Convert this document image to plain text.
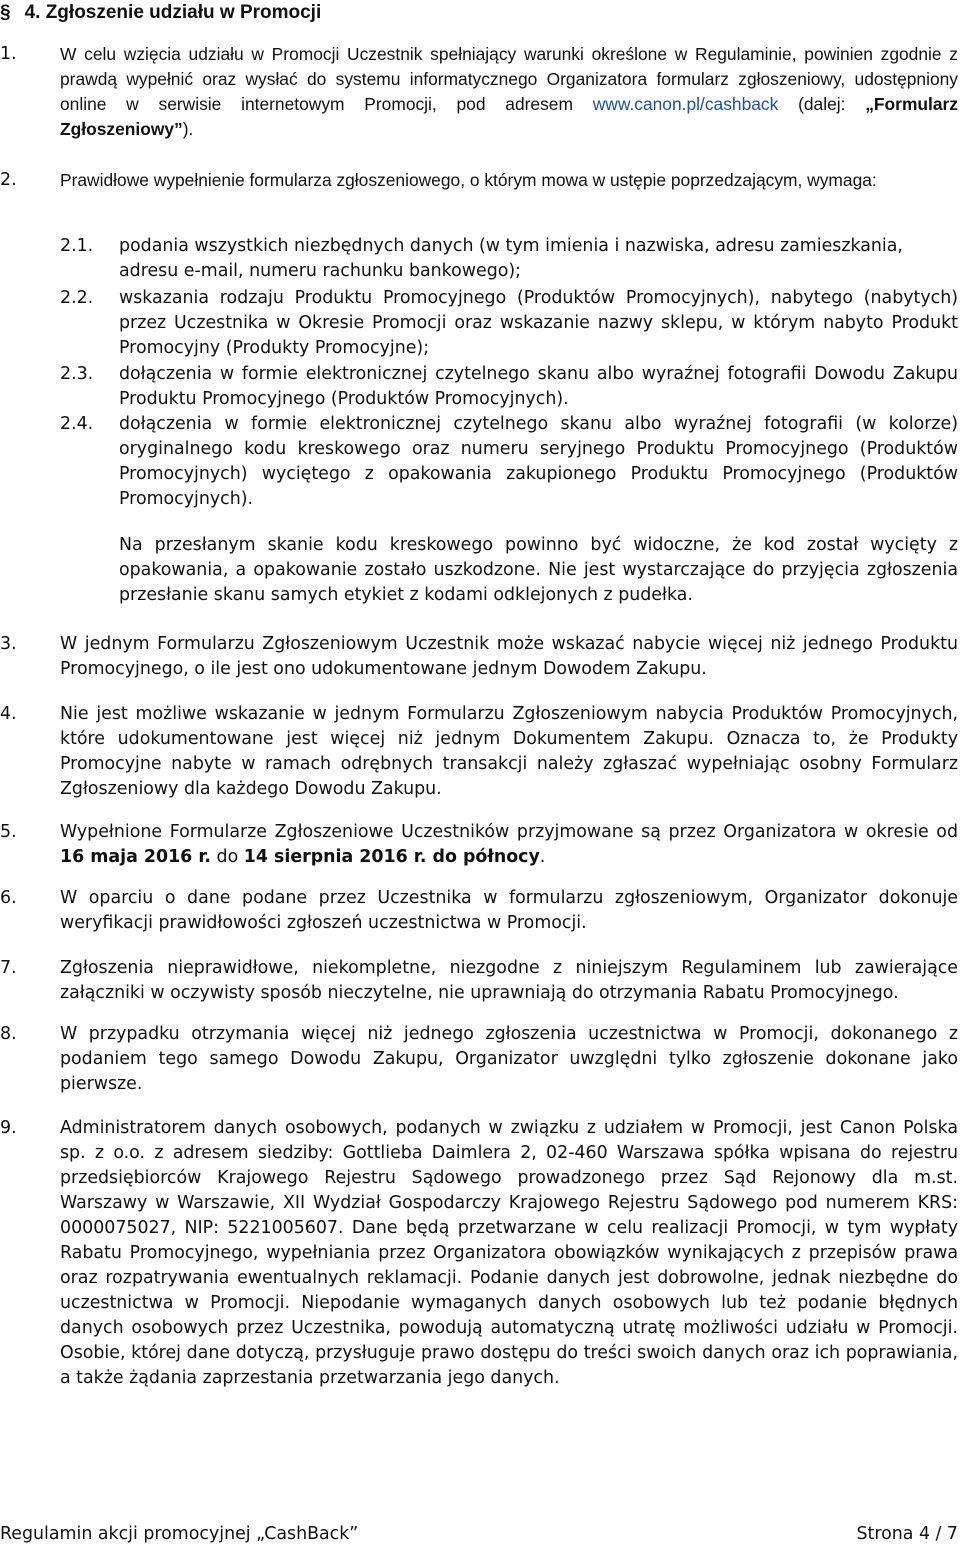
§ 4. Zgłoszenie udziału w Promocji
1. W celu wzięcia udziału w Promocji Uczestnik spełniający warunki określone w Regulaminie, powinien zgodnie z prawdą wypełnić oraz wysłać do systemu informatycznego Organizatora formularz zgłoszeniowy, udostępniony online w serwisie internetowym Promocji, pod adresem www.canon.pl/cashback (dalej: „Formularz Zgłoszeniowy”).

2. Prawidłowe wypełnienie formularza zgłoszeniowego, o którym mowa w ustępie poprzedzającym, wymaga:

2.1. podania wszystkich niezbędnych danych (w tym imienia i nazwiska, adresu zamieszkania, adresu e-mail, numeru rachunku bankowego);

2.2. wskazania rodzaju Produktu Promocyjnego (Produktów Promocyjnych), nabytego (nabytych) przez Uczestnika w Okresie Promocji oraz wskazanie nazwy sklepu, w którym nabyto Produkt Promocyjny (Produkty Promocyjne);

2.3. dołączenia w formie elektronicznej czytelnego skanu albo wyraźnej fotografii Dowodu Zakupu Produktu Promocyjnego (Produktów Promocyjnych).

2.4. dołączenia w formie elektronicznej czytelnego skanu albo wyraźnej fotografii (w kolorze) oryginalnego kodu kreskowego oraz numeru seryjnego Produktu Promocyjnego (Produktów Promocyjnych) wyciętego z opakowania zakupionego Produktu Promocyjnego (Produktów Promocyjnych).

Na przesłanym skanie kodu kreskowego powinno być widoczne, że kod został wycięty z opakowania, a opakowanie zostało uszkodzone. Nie jest wystarczające do przyjęcia zgłoszenia przesłanie skanu samych etykiet z kodami odklejonych z pudełka.

3. W jednym Formularzu Zgłoszeniowym Uczestnik może wskazać nabycie więcej niż jednego Produktu Promocyjnego, o ile jest ono udokumentowane jednym Dowodem Zakupu.

4. Nie jest możliwe wskazanie w jednym Formularzu Zgłoszeniowym nabycia Produktów Promocyjnych, które udokumentowane jest więcej niż jednym Dokumentem Zakupu. Oznacza to, że Produkty Promocyjne nabyte w ramach odrębnych transakcji należy zgłaszać wypełniając osobny Formularz Zgłoszeniowy dla każdego Dowodu Zakupu.

5. Wypełnione Formularze Zgłoszeniowe Uczestników przyjmowane są przez Organizatora w okresie od 16 maja 2016 r. do 14 sierpnia 2016 r. do północy.

6. W oparciu o dane podane przez Uczestnika w formularzu zgłoszeniowym, Organizator dokonuje weryfikacji prawidłowości zgłoszeń uczestnictwa w Promocji.

7. Zgłoszenia nieprawidłowe, niekompletne, niezgodne z niniejszym Regulaminem lub zawierające załączniki w oczywisty sposób nieczytelne, nie uprawniają do otrzymania Rabatu Promocyjnego.

8. W przypadku otrzymania więcej niż jednego zgłoszenia uczestnictwa w Promocji, dokonanego z podaniem tego samego Dowodu Zakupu, Organizator uwzględni tylko zgłoszenie dokonane jako pierwsze.

9. Administratorem danych osobowych, podanych w związku z udziałem w Promocji, jest Canon Polska sp. z o.o. z adresem siedziby: Gottlieba Daimlera 2, 02-460 Warszawa spółka wpisana do rejestru przedsiębiorców Krajowego Rejestru Sądowego prowadzonego przez Sąd Rejonowy dla m.st. Warszawy w Warszawie, XII Wydział Gospodarczy Krajowego Rejestru Sądowego pod numerem KRS: 0000075027, NIP: 5221005607. Dane będą przetwarzane w celu realizacji Promocji, w tym wypłaty Rabatu Promocyjnego, wypełniania przez Organizatora obowiązków wynikających z przepisów prawa oraz rozpatrywania ewentualnych reklamacji. Podanie danych jest dobrowolne, jednak niezbędne do uczestnictwa w Promocji. Niepodanie wymaganych danych osobowych lub też podanie błędnych danych osobowych przez Uczestnika, powodują automatyczną utratę możliwości udziału w Promocji. Osobie, której dane dotyczą, przysługuje prawo dostępu do treści swoich danych oraz ich poprawiania, a także żądania zaprzestania przetwarzania jego danych.

Regulamin akcji promocyjnej „CashBack”	Strona 4 / 7
